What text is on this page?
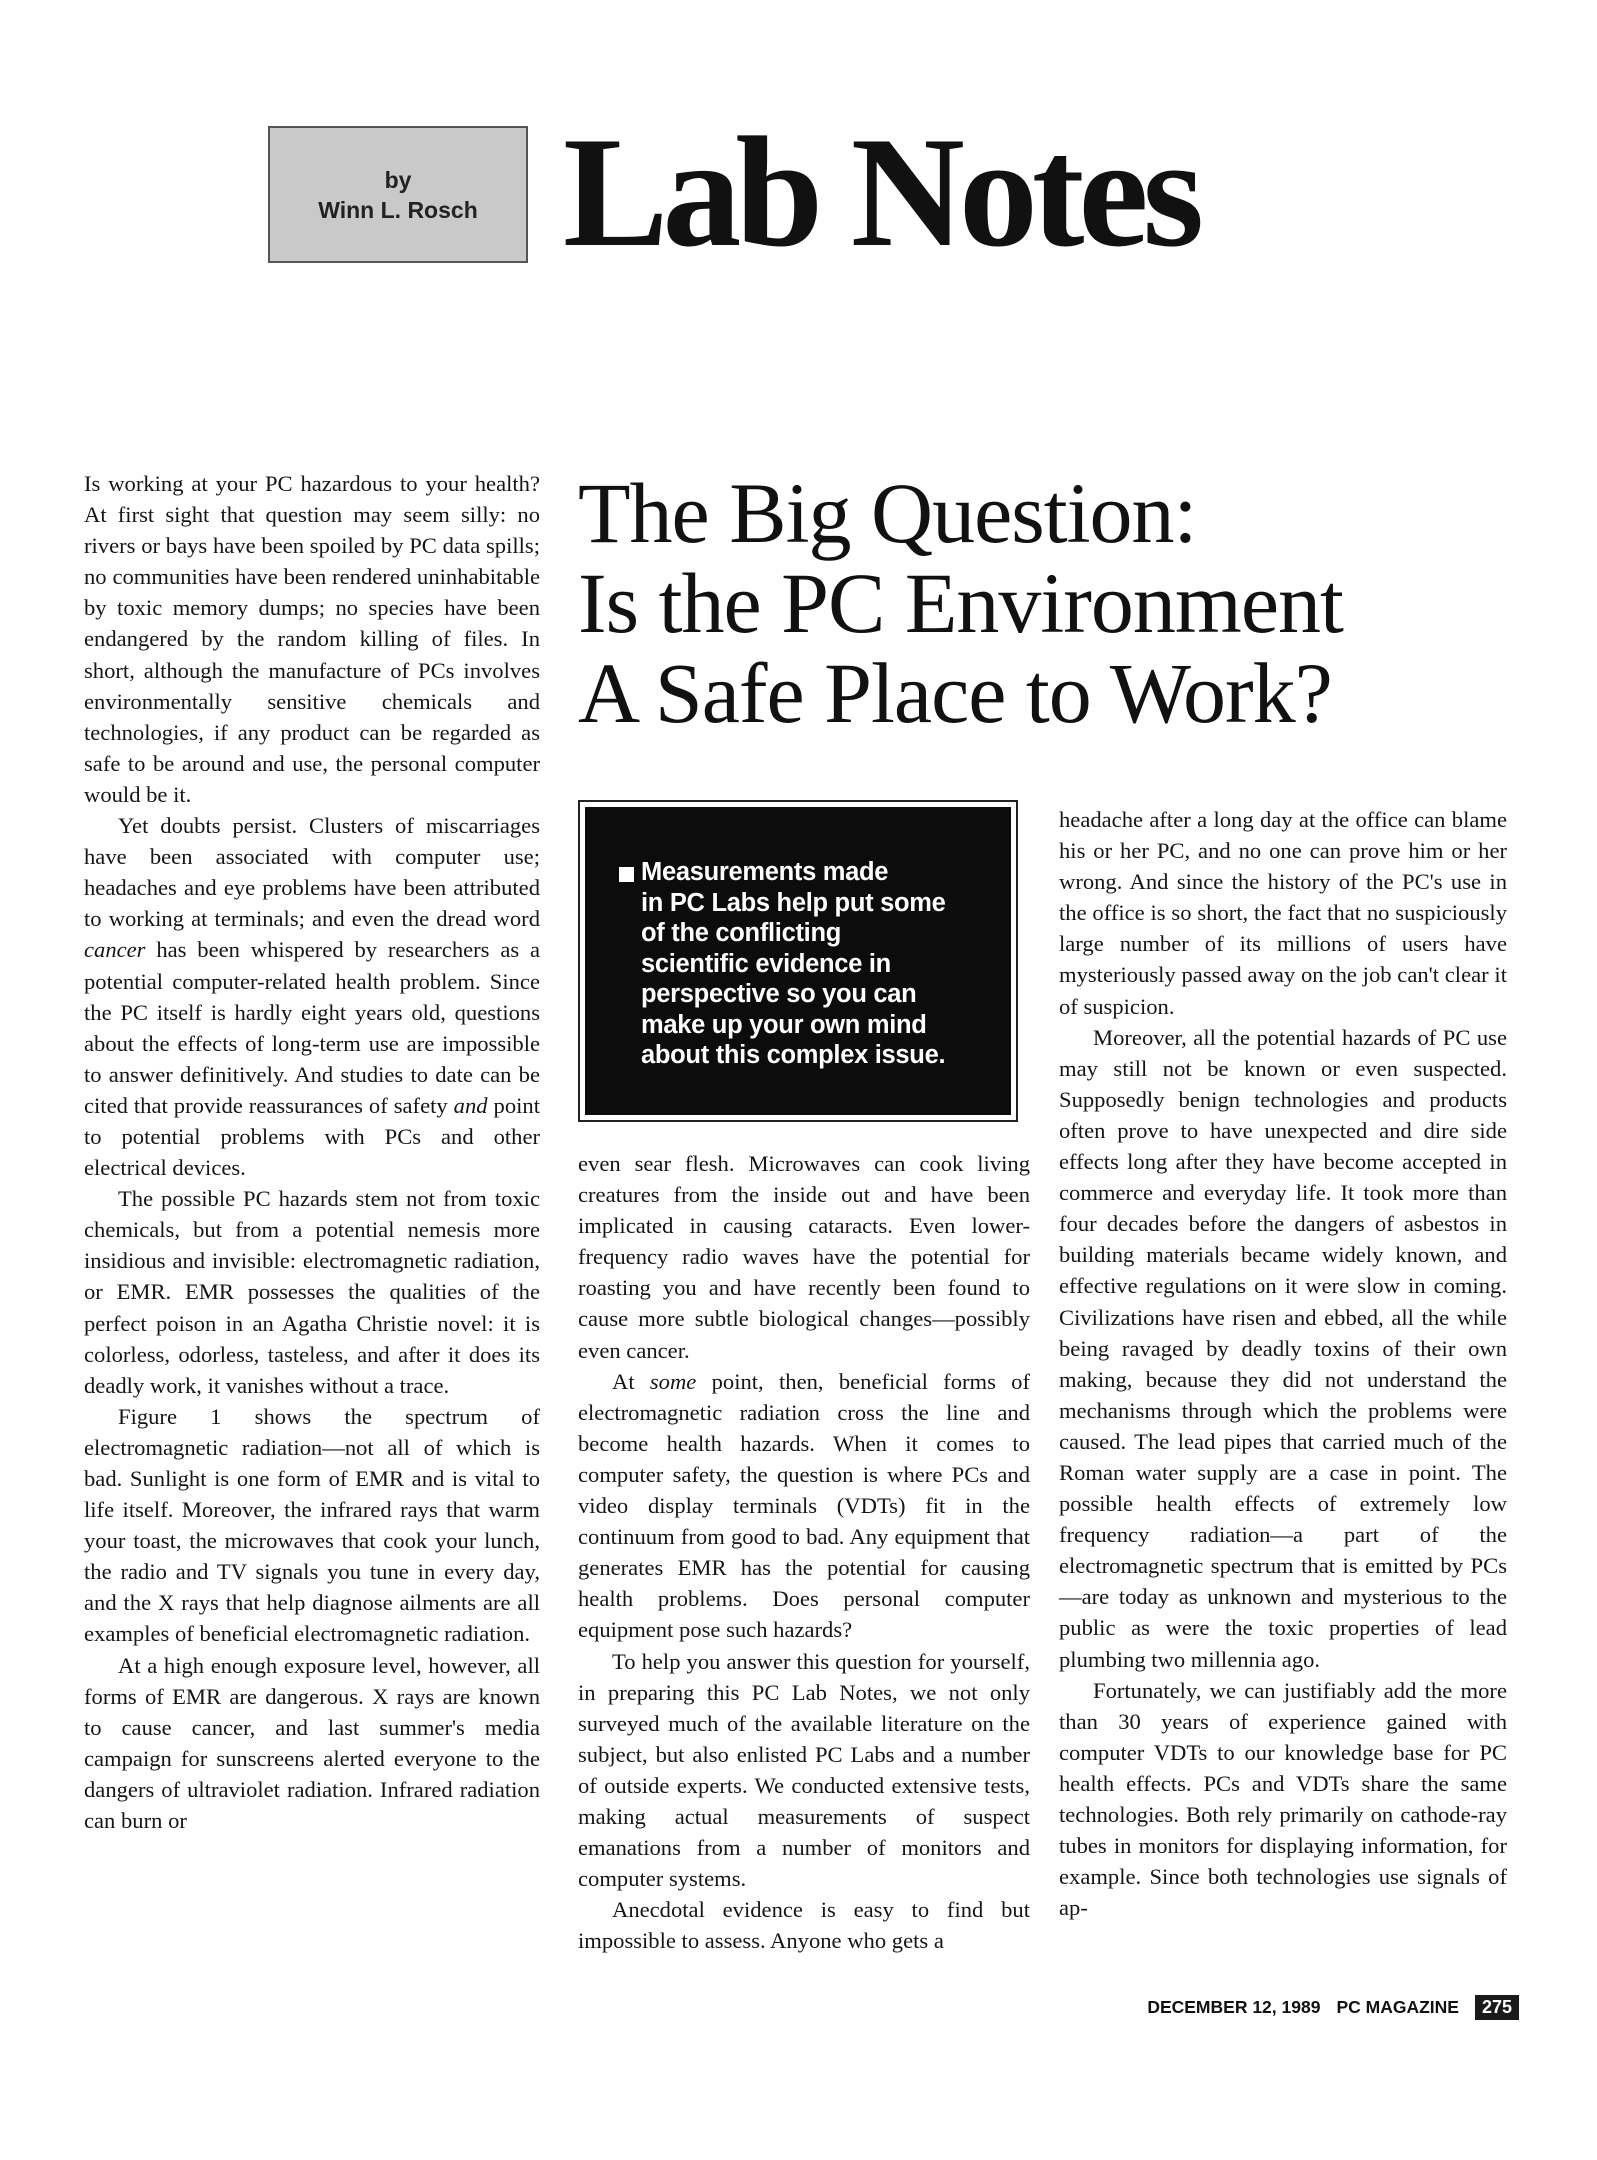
by
Winn L. Rosch Lab Notes
The Big Question:
Is the PC Environment
A Safe Place to Work?

Is working at your PC hazardous to your health? At first sight that question may seem silly: no rivers or bays have been spoiled by PC data spills; no communities have been rendered uninhabitable by toxic memory dumps; no species have been endangered by the random killing of files. In short, although the manufacture of PCs involves environmentally sensitive chemicals and technologies, if any product can be regarded as safe to be around and use, the personal computer would be it.

Yet doubts persist. Clusters of miscarriages have been associated with computer use; headaches and eye problems have been attributed to working at terminals; and even the dread word cancer has been whispered by researchers as a potential computer-related health problem. Since the PC itself is hardly eight years old, questions about the effects of long-term use are impossible to answer definitively. And studies to date can be cited that provide reassurances of safety and point to potential problems with PCs and other electrical devices.

The possible PC hazards stem not from toxic chemicals, but from a potential nemesis more insidious and invisible: electromagnetic radiation, or EMR. EMR possesses the qualities of the perfect poison in an Agatha Christie novel: it is colorless, odorless, tasteless, and after it does its deadly work, it vanishes without a trace.

Figure 1 shows the spectrum of electromagnetic radiation—not all of which is bad. Sunlight is one form of EMR and is vital to life itself. Moreover, the infrared rays that warm your toast, the microwaves that cook your lunch, the radio and TV signals you tune in every day, and the X rays that help diagnose ailments are all examples of beneficial electromagnetic radiation.

At a high enough exposure level, however, all forms of EMR are dangerous. X rays are known to cause cancer, and last summer's media campaign for sunscreens alerted everyone to the dangers of ultraviolet radiation. Infrared radiation can burn or

Measurements made
in PC Labs help put some
of the conflicting
scientific evidence in
perspective so you can
make up your own mind
about this complex issue.

even sear flesh. Microwaves can cook living creatures from the inside out and have been implicated in causing cataracts. Even lower-frequency radio waves have the potential for roasting you and have recently been found to cause more subtle biological changes—possibly even cancer.

At some point, then, beneficial forms of electromagnetic radiation cross the line and become health hazards. When it comes to computer safety, the question is where PCs and video display terminals (VDTs) fit in the continuum from good to bad. Any equipment that generates EMR has the potential for causing health problems. Does personal computer equipment pose such hazards?

To help you answer this question for yourself, in preparing this PC Lab Notes, we not only surveyed much of the available literature on the subject, but also enlisted PC Labs and a number of outside experts. We conducted extensive tests, making actual measurements of suspect emanations from a number of monitors and computer systems.

Anecdotal evidence is easy to find but impossible to assess. Anyone who gets a

headache after a long day at the office can blame his or her PC, and no one can prove him or her wrong. And since the history of the PC's use in the office is so short, the fact that no suspiciously large number of its millions of users have mysteriously passed away on the job can't clear it of suspicion.

Moreover, all the potential hazards of PC use may still not be known or even suspected. Supposedly benign technologies and products often prove to have unexpected and dire side effects long after they have become accepted in commerce and everyday life. It took more than four decades before the dangers of asbestos in building materials became widely known, and effective regulations on it were slow in coming. Civilizations have risen and ebbed, all the while being ravaged by deadly toxins of their own making, because they did not understand the mechanisms through which the problems were caused. The lead pipes that carried much of the Roman water supply are a case in point. The possible health effects of extremely low frequency radiation—a part of the electromagnetic spectrum that is emitted by PCs—are today as unknown and mysterious to the public as were the toxic properties of lead plumbing two millennia ago.

Fortunately, we can justifiably add the more than 30 years of experience gained with computer VDTs to our knowledge base for PC health effects. PCs and VDTs share the same technologies. Both rely primarily on cathode-ray tubes in monitors for displaying information, for example. Since both technologies use signals of ap-

DECEMBER 12, 1989 PC MAGAZINE	275
